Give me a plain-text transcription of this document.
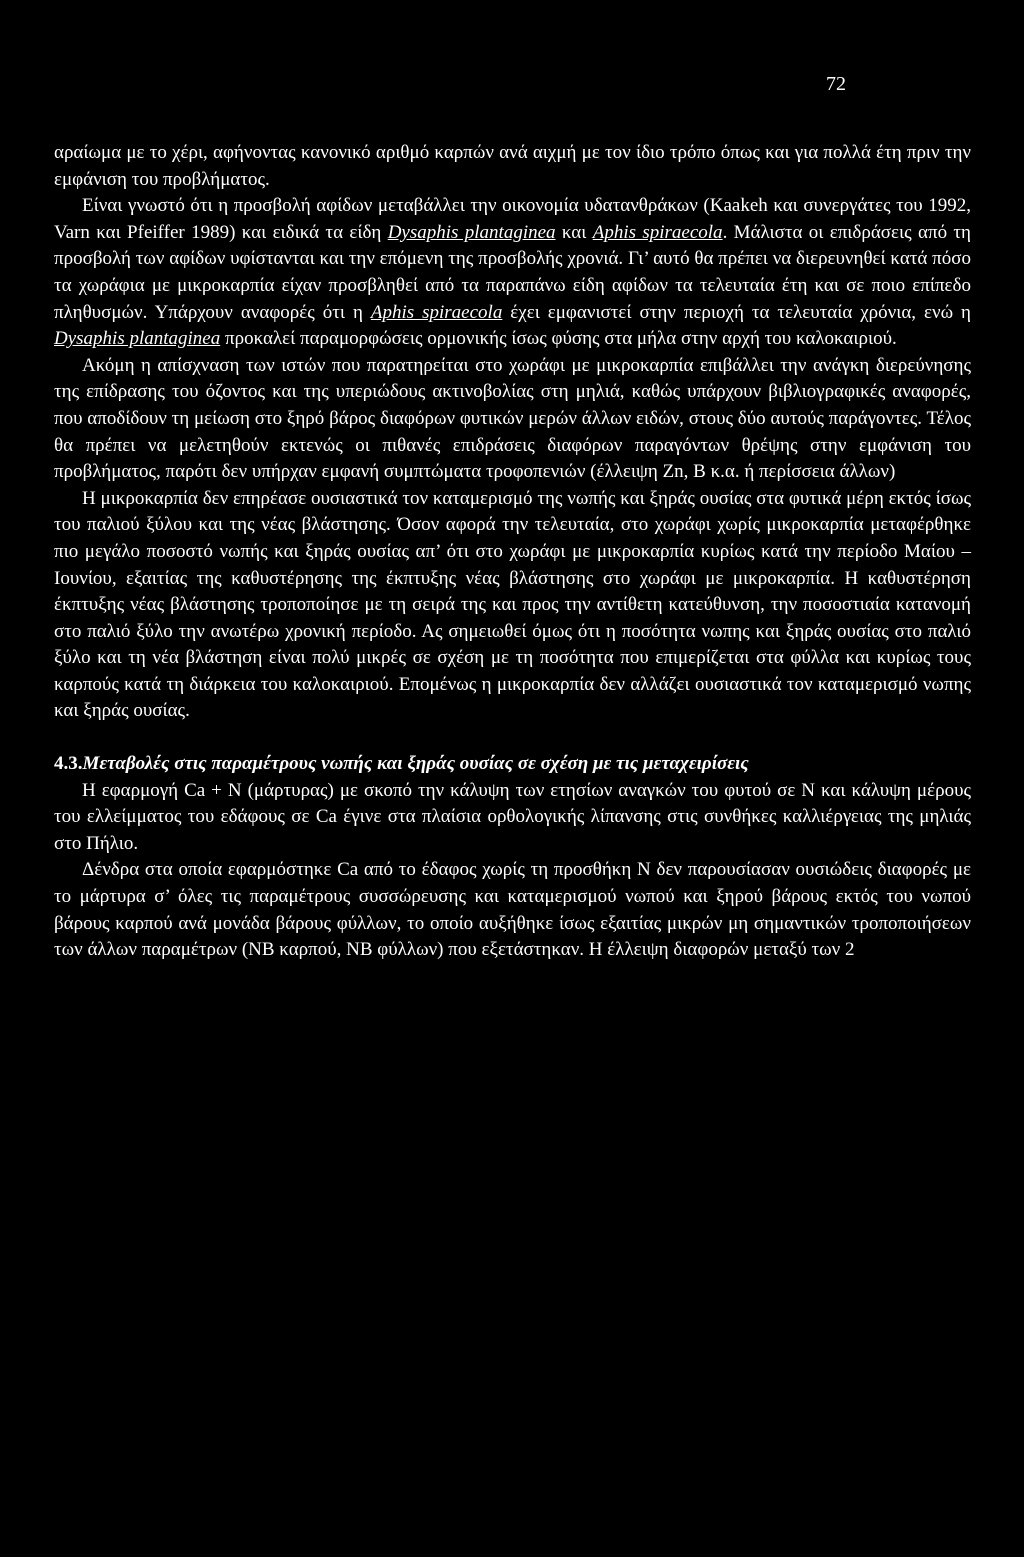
72

αραίωμα με το χέρι, αφήνοντας κανονικό αριθμό καρπών ανά αιχμή με τον ίδιο τρόπο όπως και για πολλά έτη πριν την εμφάνιση του προβλήματος.

Είναι γνωστό ότι η προσβολή αφίδων μεταβάλλει την οικονομία υδατανθράκων (Kaakeh και συνεργάτες του 1992, Varn και Pfeiffer 1989) και ειδικά τα είδη Dysaphis plantaginea και Aphis spiraecola. Μάλιστα οι επιδράσεις από τη προσβολή των αφίδων υφίστανται και την επόμενη της προσβολής χρονιά. Γι’ αυτό θα πρέπει να διερευνηθεί κατά πόσο τα χωράφια με μικροκαρπία είχαν προσβληθεί από τα παραπάνω είδη αφίδων τα τελευταία έτη και σε ποιο επίπεδο πληθυσμών. Υπάρχουν αναφορές ότι η Aphis spiraecola έχει εμφανιστεί στην περιοχή τα τελευταία χρόνια, ενώ η Dysaphis plantaginea προκαλεί παραμορφώσεις ορμονικής ίσως φύσης στα μήλα στην αρχή του καλοκαιριού.

Ακόμη η απίσχναση των ιστών που παρατηρείται στο χωράφι με μικροκαρπία επιβάλλει την ανάγκη διερεύνησης της επίδρασης του όζοντος και της υπεριώδους ακτινοβολίας στη μηλιά, καθώς υπάρχουν βιβλιογραφικές αναφορές, που αποδίδουν τη μείωση στο ξηρό βάρος διαφόρων φυτικών μερών άλλων ειδών, στους δύο αυτούς παράγοντες. Τέλος θα πρέπει να μελετηθούν εκτενώς οι πιθανές επιδράσεις διαφόρων παραγόντων θρέψης στην εμφάνιση του προβλήματος, παρότι δεν υπήρχαν εμφανή συμπτώματα τροφοπενιών (έλλειψη Zn, B κ.α. ή περίσσεια άλλων)

Η μικροκαρπία δεν επηρέασε ουσιαστικά τον καταμερισμό της νωπής και ξηράς ουσίας στα φυτικά μέρη εκτός ίσως του παλιού ξύλου και της νέας βλάστησης. Όσον αφορά την τελευταία, στο χωράφι χωρίς μικροκαρπία μεταφέρθηκε πιο μεγάλο ποσοστό νωπής και ξηράς ουσίας απ’ ότι στο χωράφι με μικροκαρπία κυρίως κατά την περίοδο Μαίου – Ιουνίου, εξαιτίας της καθυστέρησης της έκπτυξης νέας βλάστησης στο χωράφι με μικροκαρπία. Η καθυστέρηση έκπτυξης νέας βλάστησης τροποποίησε με τη σειρά της και προς την αντίθετη κατεύθυνση, την ποσοστιαία κατανομή στο παλιό ξύλο την ανωτέρω χρονική περίοδο. Ας σημειωθεί όμως ότι η ποσότητα νωπης και ξηράς ουσίας στο παλιό ξύλο και τη νέα βλάστηση είναι πολύ μικρές σε σχέση με τη ποσότητα που επιμερίζεται στα φύλλα και κυρίως τους καρπούς κατά τη διάρκεια του καλοκαιριού. Επομένως η μικροκαρπία δεν αλλάζει ουσιαστικά τον καταμερισμό νωπης και ξηράς ουσίας.

4.3.Μεταβολές στις παραμέτρους νωπής και ξηράς ουσίας σε σχέση με τις μεταχειρίσεις

Η εφαρμογή Ca + N (μάρτυρας) με σκοπό την κάλυψη των ετησίων αναγκών του φυτού σε N και κάλυψη μέρους του ελλείμματος του εδάφους σε Ca έγινε στα πλαίσια ορθολογικής λίπανσης στις συνθήκες καλλιέργειας της μηλιάς στο Πήλιο.

Δένδρα στα οποία εφαρμόστηκε Ca από το έδαφος χωρίς τη προσθήκη N δεν παρουσίασαν ουσιώδεις διαφορές με το μάρτυρα σ’ όλες τις παραμέτρους συσσώρευσης και καταμερισμού νωπού και ξηρού βάρους εκτός του νωπού βάρους καρπού ανά μονάδα βάρους φύλλων, το οποίο αυξήθηκε ίσως εξαιτίας μικρών μη σημαντικών τροποποιήσεων των άλλων παραμέτρων (NB καρπού, NB φύλλων) που εξετάστηκαν. Η έλλειψη διαφορών μεταξύ των 2
